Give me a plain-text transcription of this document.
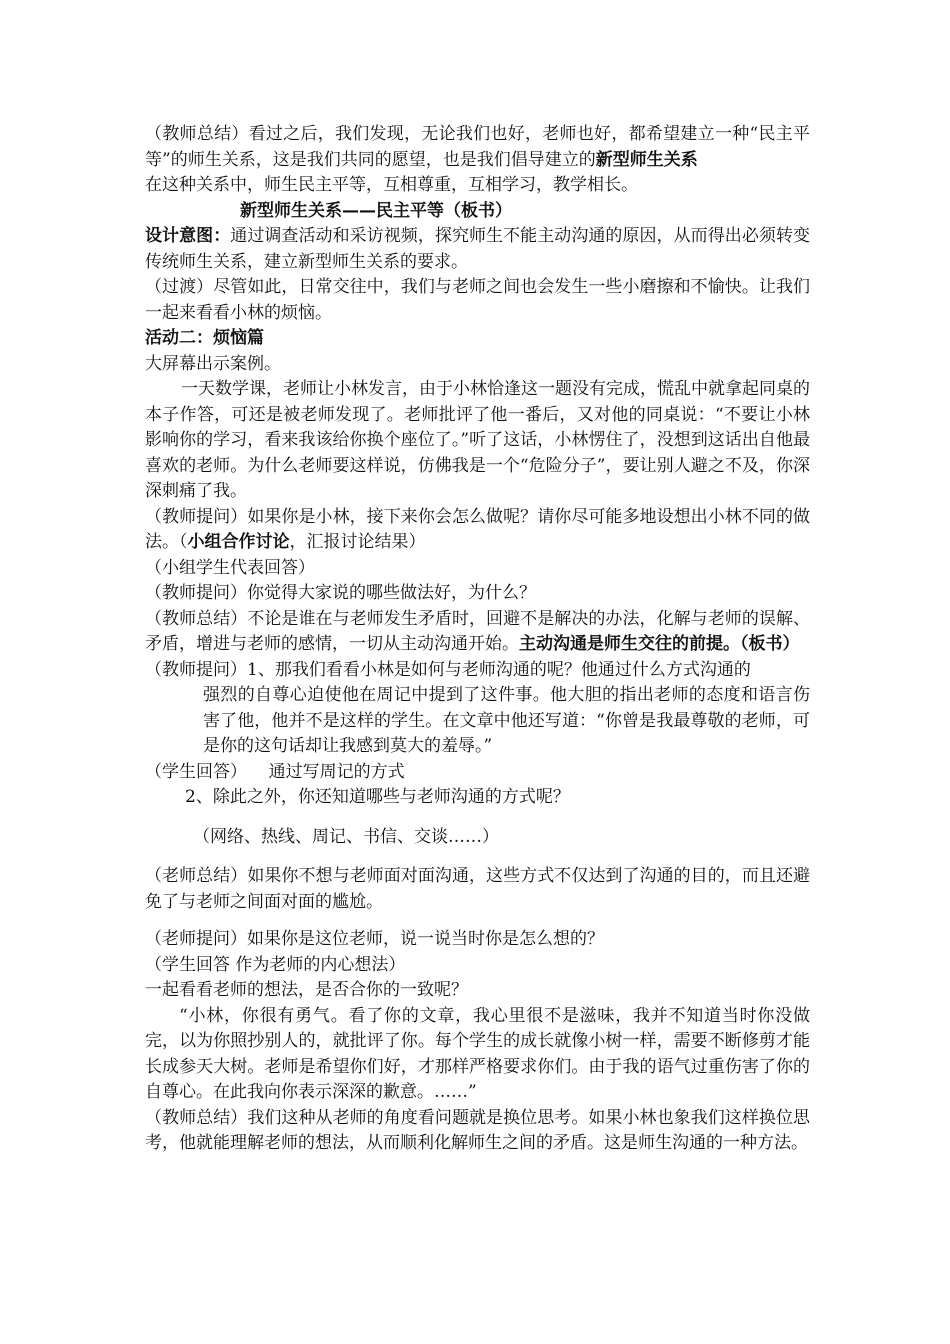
（教师总结）看过之后，我们发现，无论我们也好，老师也好，都希望建立一种“民主平等”的师生关系，这是我们共同的愿望，也是我们倡导建立的新型师生关系
在这种关系中，师生民主平等，互相尊重，互相学习，教学相长。

新型师生关系——民主平等（板书）

设计意图：通过调查活动和采访视频，探究师生不能主动沟通的原因，从而得出必须转变传统师生关系，建立新型师生关系的要求。

（过渡）尽管如此，日常交往中，我们与老师之间也会发生一些小磨擦和不愉快。让我们一起来看看小林的烦恼。

活动二：烦恼篇

大屏幕出示案例。

一天数学课，老师让小林发言，由于小林恰逢这一题没有完成，慌乱中就拿起同桌的本子作答，可还是被老师发现了。老师批评了他一番后，又对他的同桌说：“不要让小林影响你的学习，看来我该给你换个座位了。”听了这话，小林愣住了，没想到这话出自他最喜欢的老师。为什么老师要这样说，仿佛我是一个“危险分子”，要让别人避之不及，你深深刺痛了我。

（教师提问）如果你是小林，接下来你会怎么做呢？请你尽可能多地设想出小林不同的做法。（小组合作讨论，汇报讨论结果）

（小组学生代表回答）

（教师提问）你觉得大家说的哪些做法好，为什么？

（教师总结）不论是谁在与老师发生矛盾时，回避不是解决的办法，化解与老师的误解、矛盾，增进与老师的感情，一切从主动沟通开始。主动沟通是师生交往的前提。（板书）

（教师提问）1、那我们看看小林是如何与老师沟通的呢？他通过什么方式沟通的

强烈的自尊心迫使他在周记中提到了这件事。他大胆的指出老师的态度和语言伤害了他，他并不是这样的学生。在文章中他还写道：“你曾是我最尊敬的老师，可是你的这句话却让我感到莫大的羞辱。”

（学生回答）    通过写周记的方式

2、除此之外，你还知道哪些与老师沟通的方式呢？

（网络、热线、周记、书信、交谈……）

（老师总结）如果你不想与老师面对面沟通，这些方式不仅达到了沟通的目的，而且还避免了与老师之间面对面的尴尬。

（老师提问）如果你是这位老师，说一说当时你是怎么想的？

（学生回答 作为老师的内心想法）

一起看看老师的想法，是否合你的一致呢？

“小林，你很有勇气。看了你的文章，我心里很不是滋味，我并不知道当时你没做完，以为你照抄别人的，就批评了你。每个学生的成长就像小树一样，需要不断修剪才能长成参天大树。老师是希望你们好，才那样严格要求你们。由于我的语气过重伤害了你的自尊心。在此我向你表示深深的歉意。……”

（教师总结）我们这种从老师的角度看问题就是换位思考。如果小林也象我们这样换位思考，他就能理解老师的想法，从而顺利化解师生之间的矛盾。这是师生沟通的一种方法。
